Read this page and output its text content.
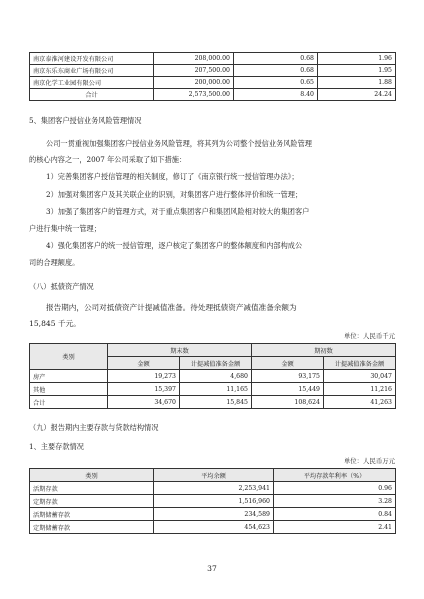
南京泰淮河建设开发有限公司	208,000.00	0.68	1.96
南京东乐东商业广场有限公司	207,500.00	0.68	1.95
南京化学工业园有限公司	200,000.00	0.65	1.88
合计	2,573,500.00	8.40	24.24
5、集团客户授信业务风险管理情况
公司一贯重视加强集团客户授信业务风险管理，将其列为公司整个授信业务风险管理
的核心内容之一，2007 年公司采取了如下措施：
1）完善集团客户授信管理的相关制度，修订了《南京银行统一授信管理办法》；
2）加强对集团客户及其关联企业的识别，对集团客户进行整体评价和统一管理；
3）加强了集团客户的管理方式，对于重点集团客户和集团风险相对较大的集团客户
户进行集中统一管理；
4）强化集团客户的统一授信管理，逐户核定了集团客户的整体额度和内部构成公
司的合理额度。
（八）抵债资产情况
报告期内，公司对抵债资产计提减值准备。待处理抵债资产减值准备余额为
15,845 千元。
单位：人民币千元
类别	期末数		期初数	
	金额	计提减值准备金额	金额	计提减值准备金额
房产	19,273	4,680	93,175	30,047
其他	15,397	11,165	15,449	11,216
合计	34,670	15,845	108,624	41,263
（九）报告期内主要存款与贷款结构情况
1、主要存款情况
单位：人民币万元
类别	平均余额	平均存款年利率（%）
活期存款	2,253,941	0.96
定期存款	1,516,960	3.28
活期储蓄存款	234,589	0.84
定期储蓄存款	454,623	2.41
37
